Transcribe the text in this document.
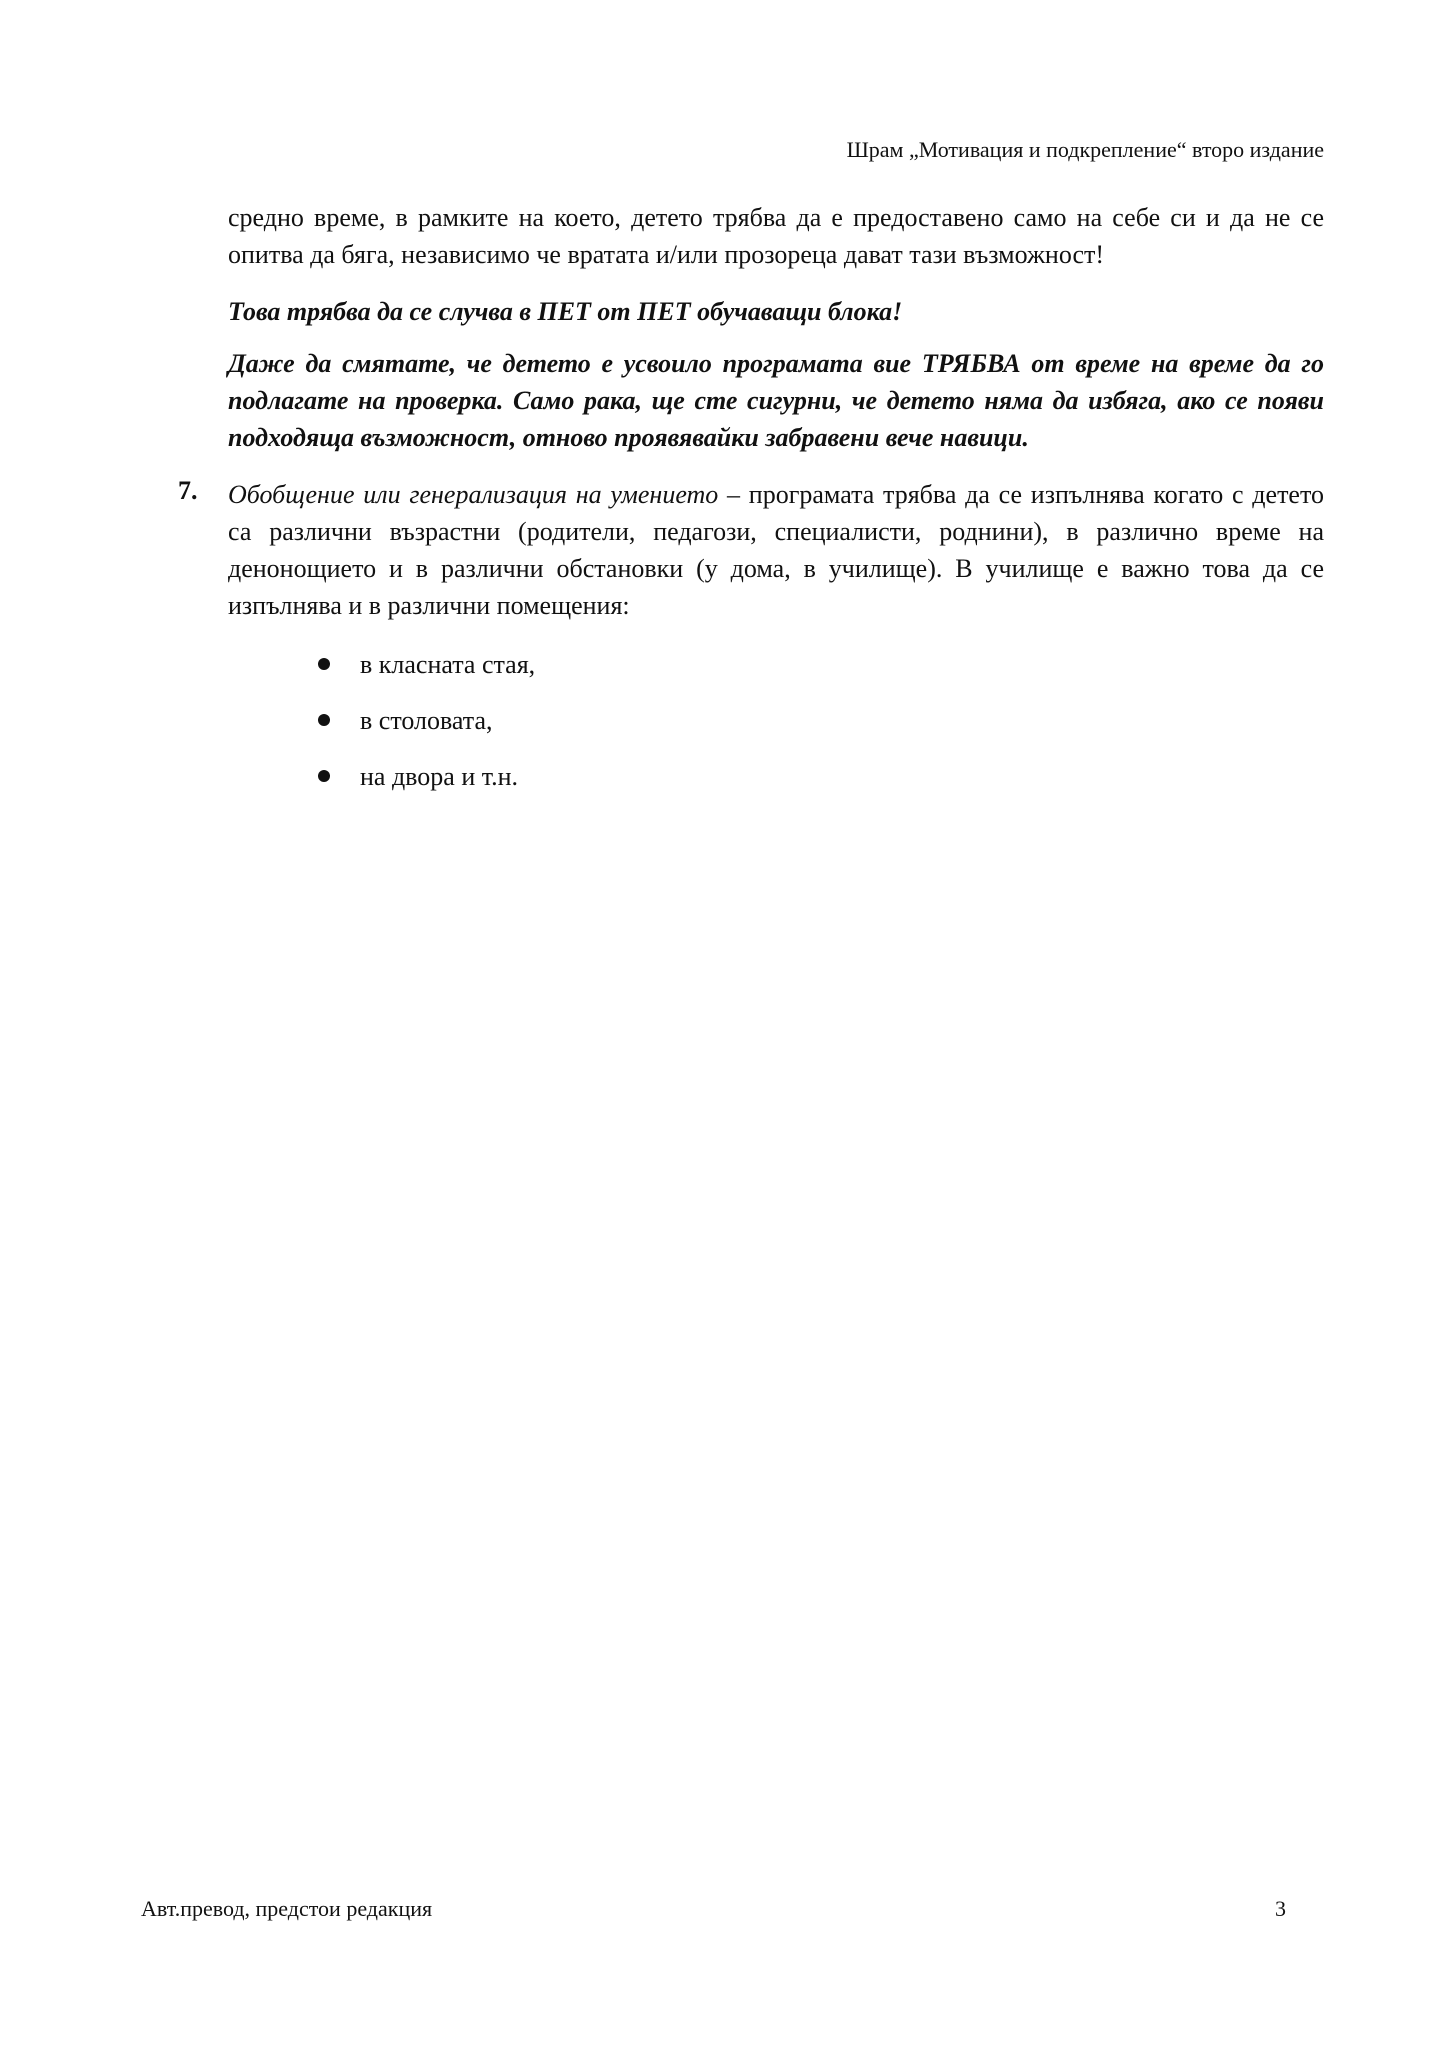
Шрам „Мотивация и подкрепление“ второ издание
средно време, в рамките на което, детето трябва да е предоставено само на себе си и да не се опитва да бяга, независимо че вратата и/или прозореца дават тази възможност!
Това трябва да се случва в ПЕТ от ПЕТ обучаващи блока!
Даже да смятате, че детето е усвоило програмата вие ТРЯБВА от време на време да го подлагате на проверка. Само рака, ще сте сигурни, че детето няма да избяга, ако се появи подходяща възможност, отново проявявайки забравени вече навици.
7. Обобщение или генерализация на умението – програмата трябва да се изпълнява когато с детето са различни възрастни (родители, педагози, специалисти, роднини), в различно време на денонощието и в различни обстановки (у дома, в училище). В училище е важно това да се изпълнява и в различни помещения:
в класната стая,
в столовата,
на двора и т.н.
Авт.превод, предстои редакция	3
